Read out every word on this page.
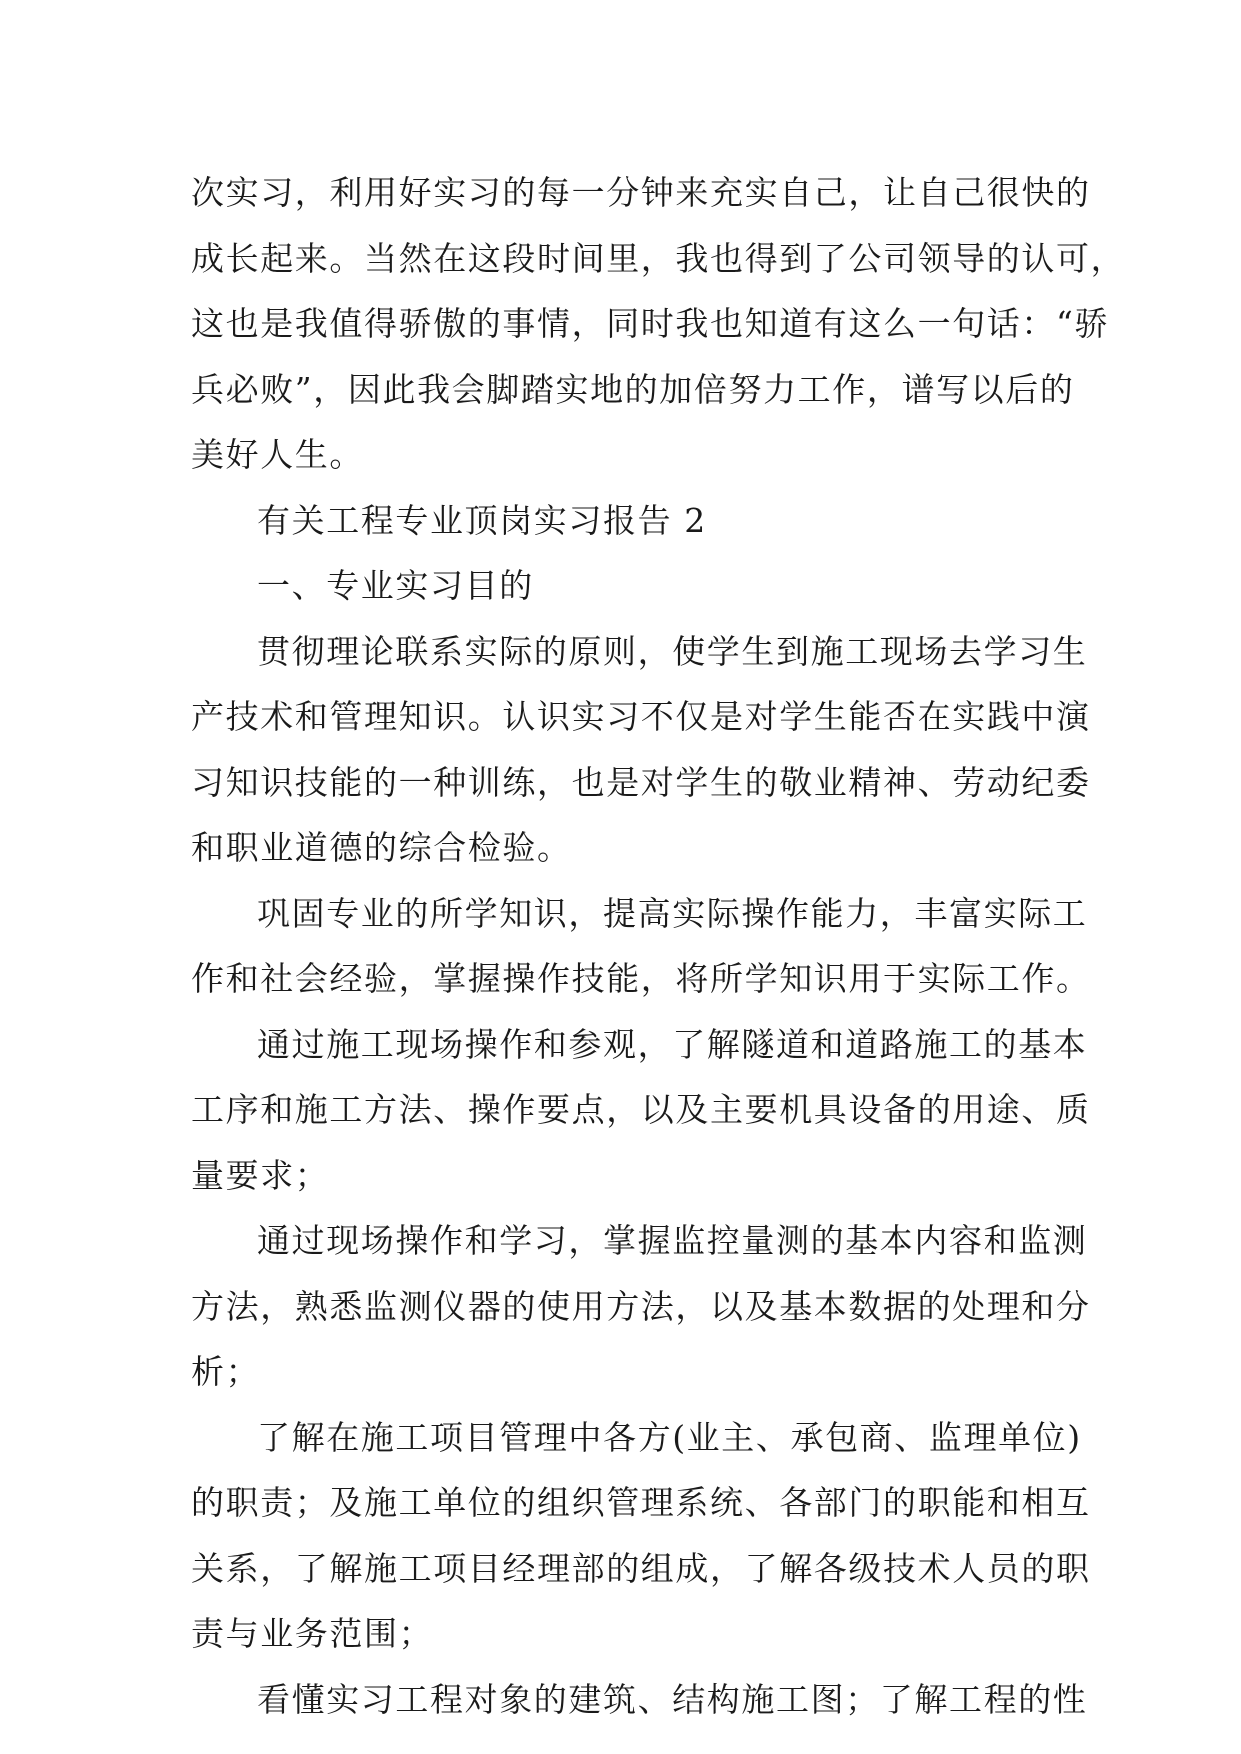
次实习，利用好实习的每一分钟来充实自己，让自己很快的
成长起来。当然在这段时间里，我也得到了公司领导的认可，
这也是我值得骄傲的事情，同时我也知道有这么一句话：“骄
兵必败”，因此我会脚踏实地的加倍努力工作，谱写以后的
美好人生。
有关工程专业顶岗实习报告 2
一、专业实习目的
贯彻理论联系实际的原则，使学生到施工现场去学习生
产技术和管理知识。认识实习不仅是对学生能否在实践中演
习知识技能的一种训练，也是对学生的敬业精神、劳动纪委
和职业道德的综合检验。
巩固专业的所学知识，提高实际操作能力，丰富实际工
作和社会经验，掌握操作技能，将所学知识用于实际工作。
通过施工现场操作和参观，了解隧道和道路施工的基本
工序和施工方法、操作要点，以及主要机具设备的用途、质
量要求；
通过现场操作和学习，掌握监控量测的基本内容和监测
方法，熟悉监测仪器的使用方法，以及基本数据的处理和分
析；
了解在施工项目管理中各方(业主、承包商、监理单位)
的职责；及施工单位的组织管理系统、各部门的职能和相互
关系，了解施工项目经理部的组成，了解各级技术人员的职
责与业务范围；
看懂实习工程对象的建筑、结构施工图；了解工程的性
